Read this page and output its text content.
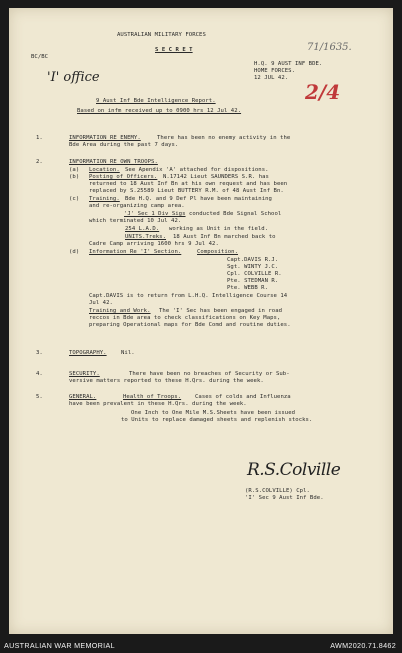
AUSTRALIAN MILITARY FORCES
S E C R E T	71/1635.
BC/BC
'I' office
H.Q. 9 AUST INF BDE.
HOME FORCES.
12 JUL 42.
2/4
9 Aust Inf Bde Intelligence Report.
Based on infm received up to 0900 hrs 12 Jul 42.
1.	INFORMATION RE ENEMY.	There has been no enemy activity in the
Bde Area during the past 7 days.
2.	INFORMATION RE OWN TROOPS.
(a) Location. See Apendix 'A' attached for dispositions.
(b) Posting of Officers. N.17142 Lieut SAUNDERS S.R. has
returned to 18 Aust Inf Bn at his own request and has been
replaced by S.25589 Lieut BUTTERY R.M. of 48 Aust Inf Bn.
(c) Training. Bde H.Q. and 9 Def Pl have been maintaining
and re-organizing camp area.
'J' Sec 1 Div Sigs conducted Bde Signal School
which terminated 10 Jul 42.
254 L.A.D. working as Unit in the field.
UNITS.Treks. 18 Aust Inf Bn marched back to
Cadre Camp arriving 1600 hrs 9 Jul 42.
(d) Information Re 'I' Section.	Composition.
Capt.DAVIS R.J.
Sgt. WINTY J.C.
Cpl. COLVILLE R.
Pte. STEDMAN R.
Pte. WEBB R.
Capt.DAVIS is to return from L.H.Q. Intelligence Course 14
Jul 42.
Training and Work. The 'I' Sec has been engaged in road
reccos in Bde area to check classifications on Key Maps,
preparing Operational maps for Bde Comd and routine duties.
3.	TOPOGRAPHY.	Nil.
4.	SECURITY.	There have been no breaches of Security or Sub-
versive matters reported to these H.Qrs. during the week.
5.	GENERAL.	Health of Troops. Cases of colds and Influenza
have been prevalent in these H.Qrs. during the week.
One Inch to One Mile M.S.Sheets have been issued
to Units to replace damaged sheets and replenish stocks.
R.S.Colville
(R.S.COLVILLE) Cpl.
'I' Sec 9 Aust Inf Bde.
AUSTRALIAN WAR MEMORIAL	AWM2020.71.8462
